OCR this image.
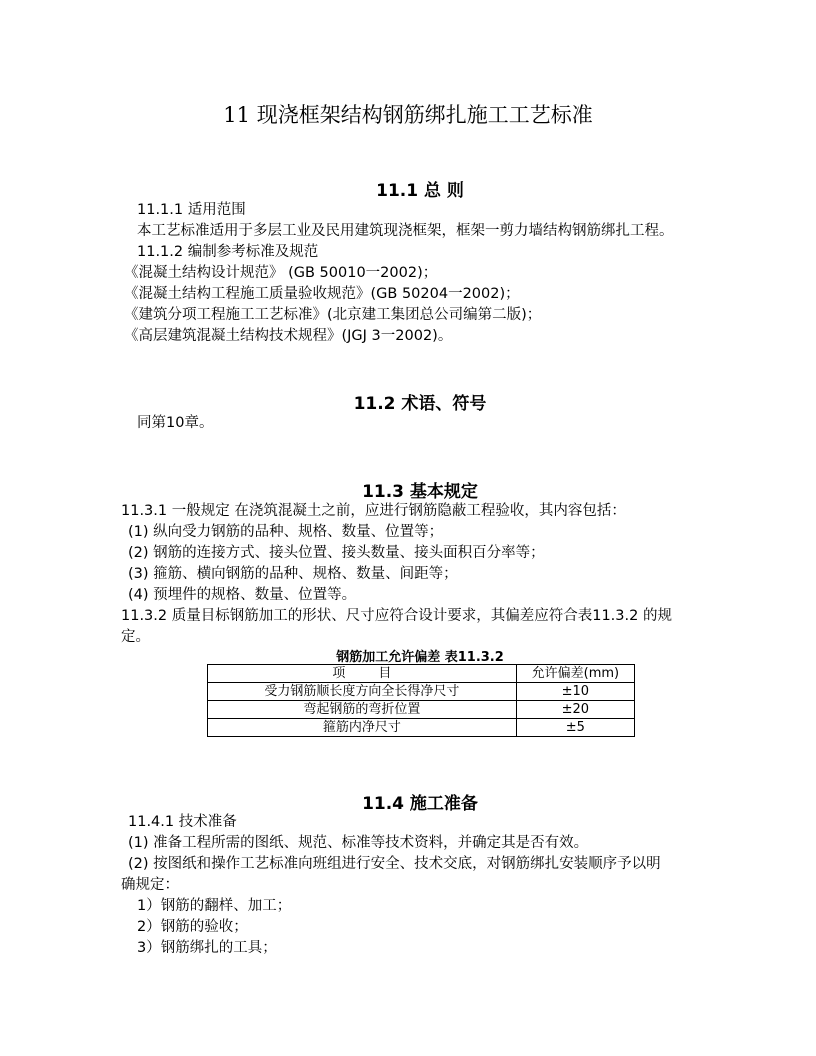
11 现浇框架结构钢筋绑扎施工工艺标准
11.1 总 则
11.1.1 适用范围
本工艺标准适用于多层工业及民用建筑现浇框架，框架一剪力墙结构钢筋绑扎工程。
11.1.2 编制参考标准及规范
《混凝土结构设计规范》 (GB 50010一2002)；
《混凝土结构工程施工质量验收规范》(GB 50204一2002)；
《建筑分项工程施工工艺标准》(北京建工集团总公司编第二版)；
《高层建筑混凝土结构技术规程》(JGJ 3一2002)。
11.2 术语、符号
同第10章。
11.3 基本规定
11.3.1 一般规定 在浇筑混凝土之前，应进行钢筋隐蔽工程验收，其内容包括：
(1) 纵向受力钢筋的品种、规格、数量、位置等；
(2) 钢筋的连接方式、接头位置、接头数量、接头面积百分率等；
(3) 箍筋、横向钢筋的品种、规格、数量、间距等；
(4) 预埋件的规格、数量、位置等。
11.3.2 质量目标钢筋加工的形状、尺寸应符合设计要求，其偏差应符合表11.3.2 的规
定。
钢筋加工允许偏差 表11.3.2
项        目	允许偏差(mm)
受力钢筋顺长度方向全长得净尺寸	±10
弯起钢筋的弯折位置	±20
箍筋内净尺寸	±5
11.4 施工准备
11.4.1 技术准备
(1) 准备工程所需的图纸、规范、标准等技术资料，并确定其是否有效。
(2) 按图纸和操作工艺标准向班组进行安全、技术交底，对钢筋绑扎安装顺序予以明
确规定：
1）钢筋的翻样、加工；
2）钢筋的验收；
3）钢筋绑扎的工具；
